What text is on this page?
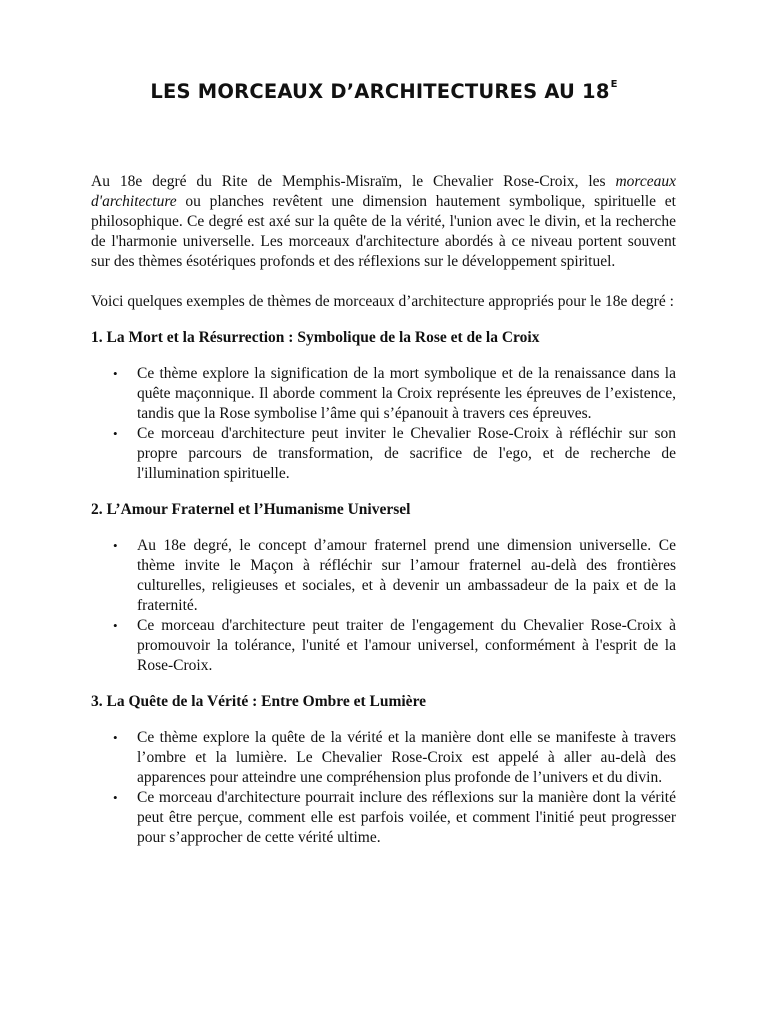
LES MORCEAUX D’ARCHITECTURES AU $18^E$

Au 18e degré du Rite de Memphis-Misraïm, le Chevalier Rose-Croix, les morceaux d'architecture ou planches revêtent une dimension hautement symbolique, spirituelle et philosophique. Ce degré est axé sur la quête de la vérité, l'union avec le divin, et la recherche de l'harmonie universelle. Les morceaux d'architecture abordés à ce niveau portent souvent sur des thèmes ésotériques profonds et des réflexions sur le développement spirituel.

Voici quelques exemples de thèmes de morceaux d’architecture appropriés pour le 18e degré :

1. La Mort et la Résurrection : Symbolique de la Rose et de la Croix

• Ce thème explore la signification de la mort symbolique et de la renaissance dans la quête maçonnique. Il aborde comment la Croix représente les épreuves de l’existence, tandis que la Rose symbolise l’âme qui s’épanouit à travers ces épreuves.
• Ce morceau d'architecture peut inviter le Chevalier Rose-Croix à réfléchir sur son propre parcours de transformation, de sacrifice de l'ego, et de recherche de l'illumination spirituelle.

2. L’Amour Fraternel et l’Humanisme Universel

• Au 18e degré, le concept d’amour fraternel prend une dimension universelle. Ce thème invite le Maçon à réfléchir sur l’amour fraternel au-delà des frontières culturelles, religieuses et sociales, et à devenir un ambassadeur de la paix et de la fraternité.
• Ce morceau d'architecture peut traiter de l'engagement du Chevalier Rose-Croix à promouvoir la tolérance, l'unité et l'amour universel, conformément à l'esprit de la Rose-Croix.

3. La Quête de la Vérité : Entre Ombre et Lumière

• Ce thème explore la quête de la vérité et la manière dont elle se manifeste à travers l’ombre et la lumière. Le Chevalier Rose-Croix est appelé à aller au-delà des apparences pour atteindre une compréhension plus profonde de l’univers et du divin.
• Ce morceau d'architecture pourrait inclure des réflexions sur la manière dont la vérité peut être perçue, comment elle est parfois voilée, et comment l'initié peut progresser pour s’approcher de cette vérité ultime.
